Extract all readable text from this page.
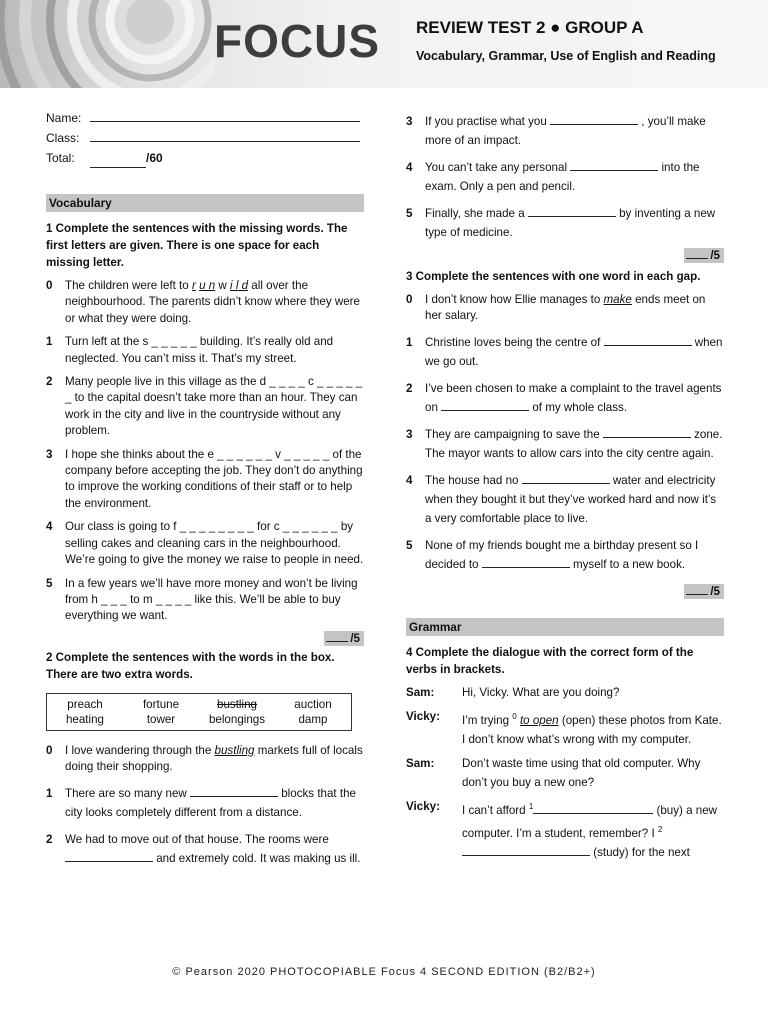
FOCUS REVIEW TEST 2 ● GROUP A
Vocabulary, Grammar, Use of English and Reading
Name:
Class:
Total:	/60
Vocabulary
1 Complete the sentences with the missing words. The first letters are given. There is one space for each missing letter.
0	The children were left to r u n w i l d all over the neighbourhood. The parents didn’t know where they were or what they were doing.
1	Turn left at the s _ _ _ _ _ building. It’s really old and neglected. You can’t miss it. That’s my street.
2	Many people live in this village as the d _ _ _ _ c _ _ _ _ _ _ to the capital doesn’t take more than an hour. They can work in the city and live in the countryside without any problem.
3	I hope she thinks about the e _ _ _ _ _ _ v _ _ _ _ _ of the company before accepting the job. They don’t do anything to improve the working conditions of their staff or to help the environment.
4	Our class is going to f _ _ _ _ _ _ _ _ for c _ _ _ _ _ _ by selling cakes and cleaning cars in the neighbourhood. We’re going to give the money we raise to people in need.
5	In a few years we’ll have more money and won’t be living from h _ _ _ to m _ _ _ _ like this. We’ll be able to buy everything we want.
/5
2 Complete the sentences with the words in the box. There are two extra words.
preach	fortune	bustling	auction
heating	tower	belongings	damp
0	I love wandering through the bustling markets full of locals doing their shopping.
1	There are so many new	blocks that the city looks completely different from a distance.
2	We had to move out of that house. The rooms were  and extremely cold. It was making us ill.
3	If you practise what you	, you’ll make more of an impact.
4	You can’t take any personal	into the exam. Only a pen and pencil.
5	Finally, she made a	by inventing a new type of medicine.
/5
3 Complete the sentences with one word in each gap.
0	I don’t know how Ellie manages to make ends meet on her salary.
1	Christine loves being the centre of	when we go out.
2	I’ve been chosen to make a complaint to the travel agents on	of my whole class.
3	They are campaigning to save the	zone. The mayor wants to allow cars into the city centre again.
4	The house had no	water and electricity when they bought it but they’ve worked hard and now it’s a very comfortable place to live.
5	None of my friends bought me a birthday present so I decided to	myself to a new book.
/5
Grammar
4 Complete the dialogue with the correct form of the verbs in brackets.
Sam:	Hi, Vicky. What are you doing?
Vicky:	I’m trying $^0$ to open (open) these photos from Kate. I don’t know what’s wrong with my computer.
Sam:	Don’t waste time using that old computer. Why don’t you buy a new one?
Vicky:	I can’t afford $^1$	(buy) a new computer. I’m a student, remember? I $^2$ (study) for the next
© Pearson 2020 PHOTOCOPIABLE Focus 4 SECOND EDITION (B2/B2+)
